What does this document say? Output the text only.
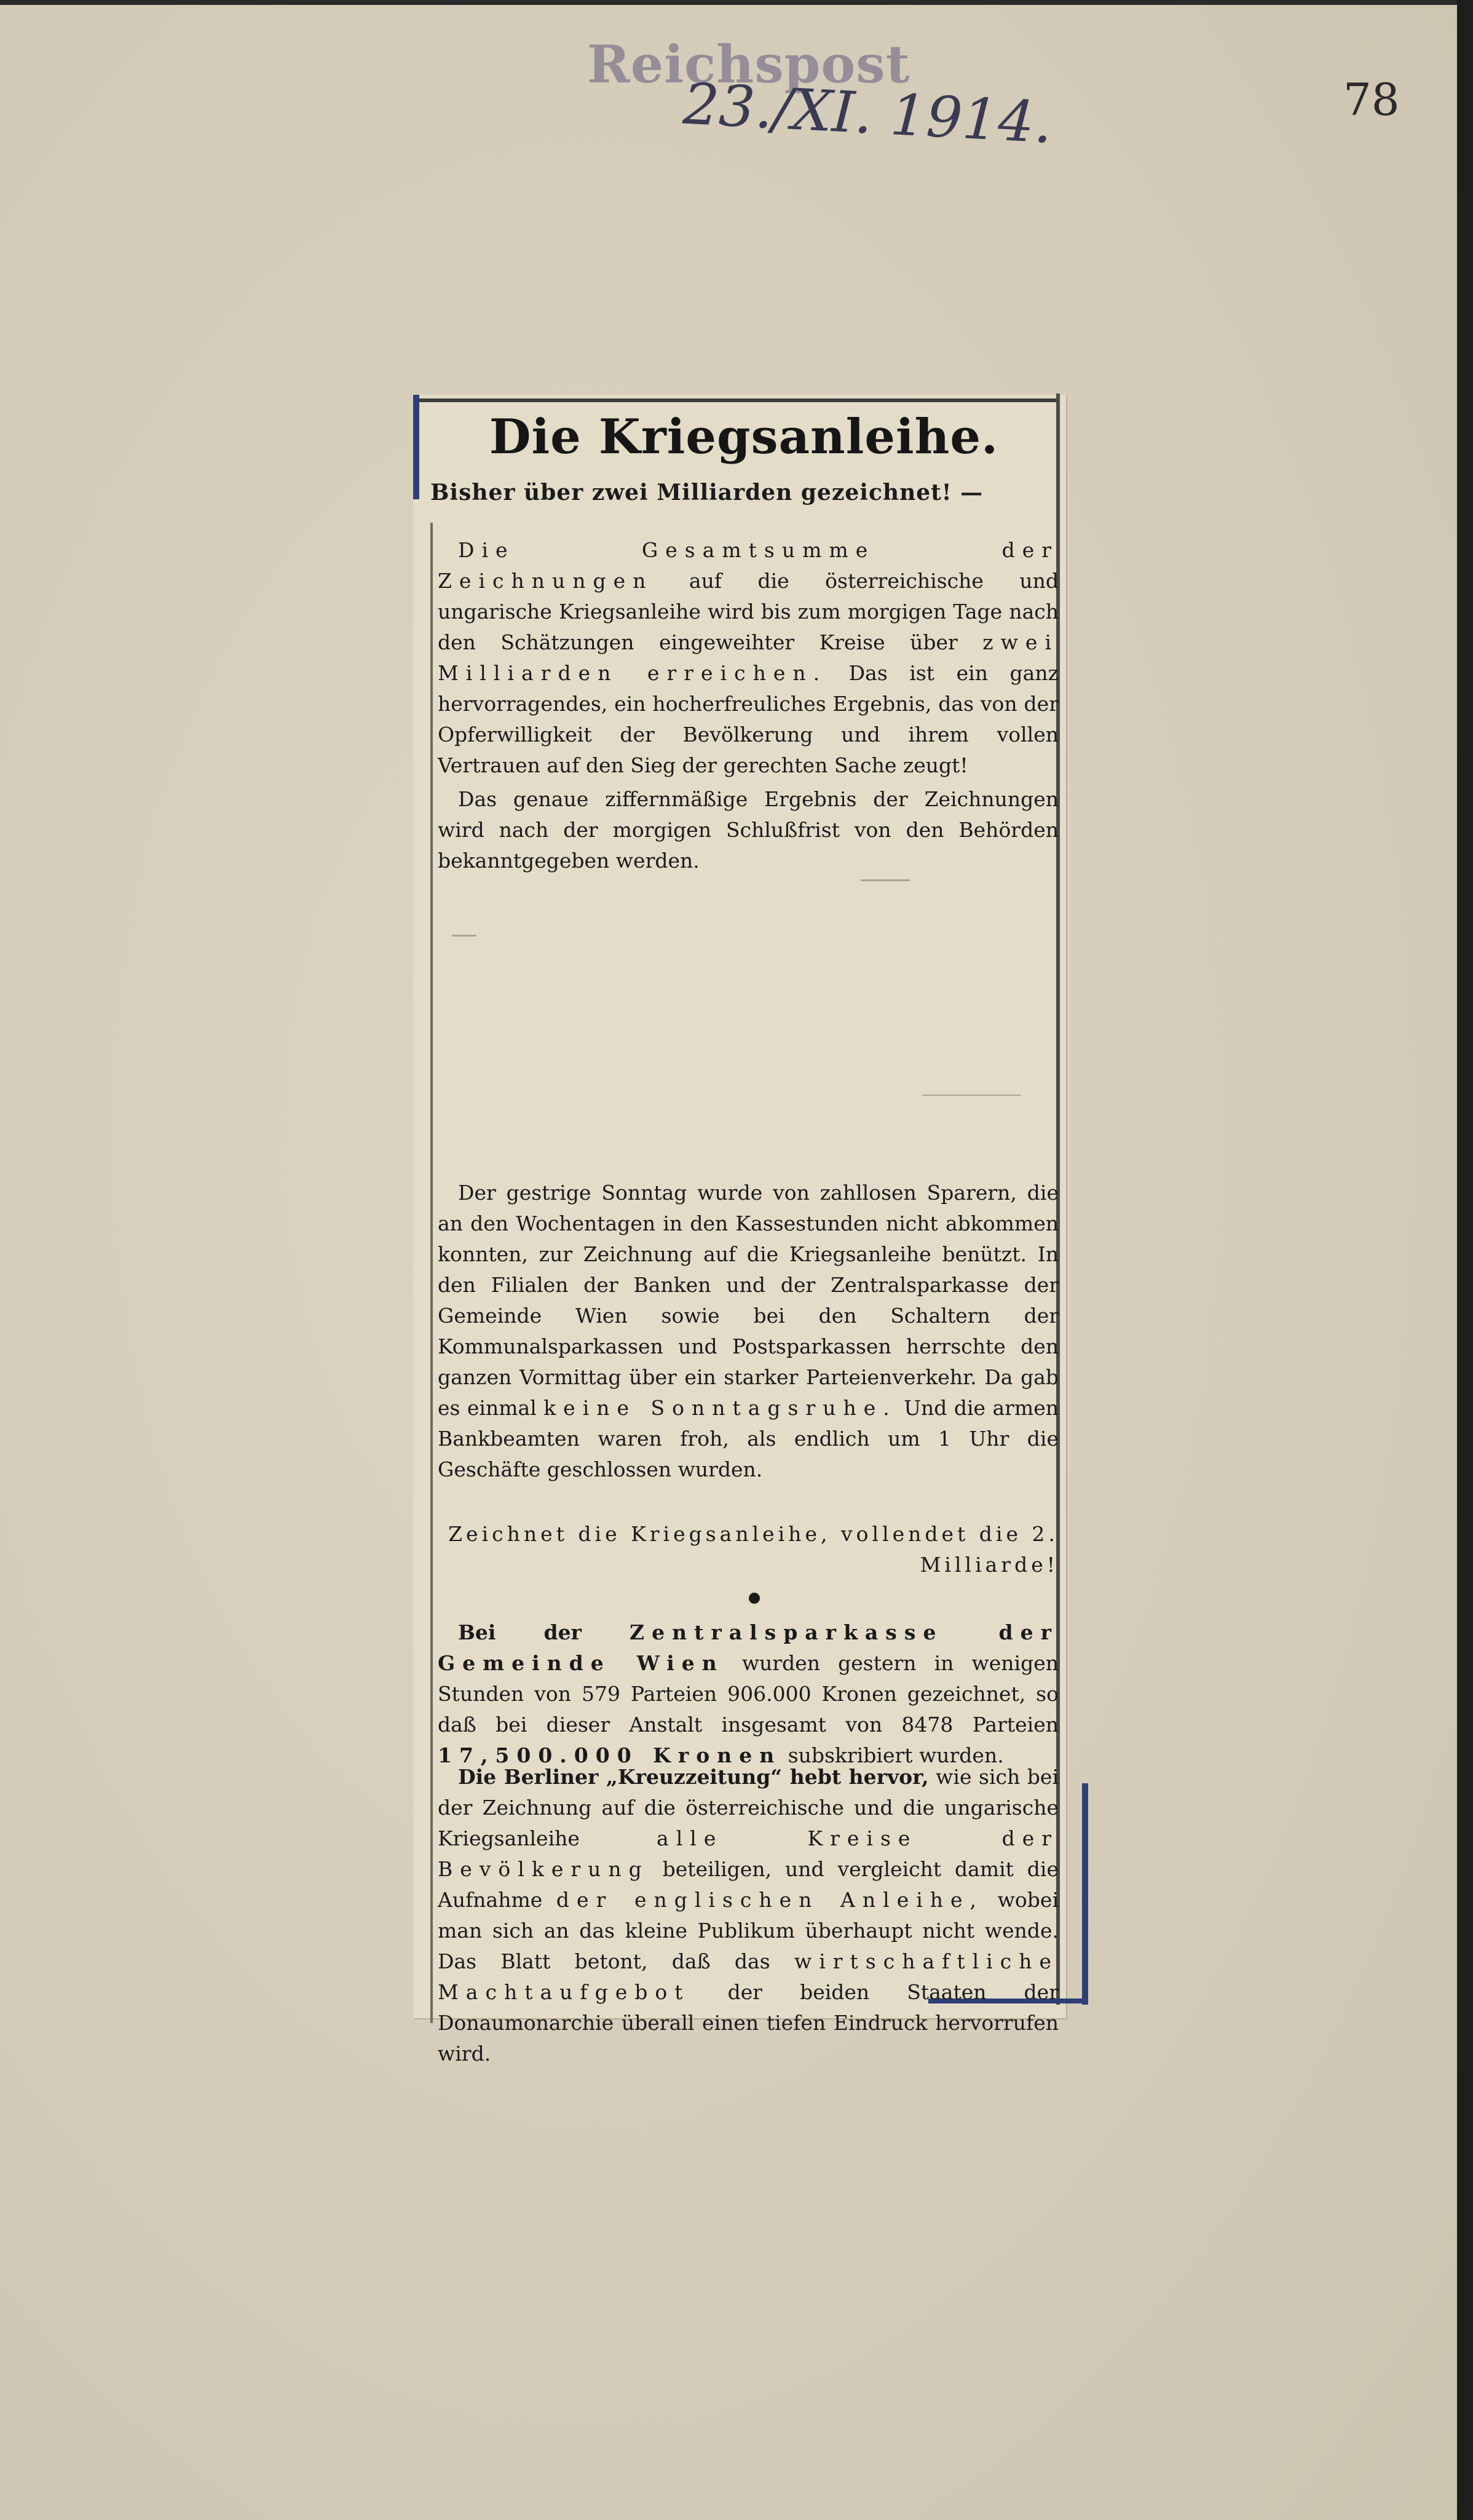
Reichspost
23./XI. 1914.	78
Die Kriegsanleihe.
Bisher über zwei Milliarden gezeichnet! —

 Die Gesamtsumme der Zeichnungen auf die österreichische und ungarische Kriegsanleihe wird bis zum morgigen Tage nach den Schätzungen eingeweihter Kreise über zwei Milliarden erreichen. Das ist ein ganz hervorragendes, ein hocherfreuliches Ergebnis, das von der Opferwilligkeit der Bevölkerung und ihrem vollen Vertrauen auf den Sieg der gerechten Sache zeugt!

 Das genaue ziffernmäßige Ergebnis der Zeichnungen wird nach der morgigen Schlußfrist von den Behörden bekanntgegeben werden.

 Der gestrige Sonntag wurde von zahllosen Sparern, die an den Wochentagen in den Kassestunden nicht abkommen konnten, zur Zeichnung auf die Kriegsanleihe benützt. In den Filialen der Banken und der Zentralsparkasse der Gemeinde Wien sowie bei den Schaltern der Kommunalsparkassen und Postsparkassen herrschte den ganzen Vormittag über ein starker Parteienverkehr. Da gab es einmal keine Sonntagsruhe. Und die armen Bankbeamten waren froh, als endlich um 1 Uhr die Geschäfte geschlossen wurden.

Zeichnet die Kriegsanleihe, vollendet die 2. Milliarde!

 Bei der Zentralsparkasse der Gemeinde Wien wurden gestern in wenigen Stunden von 579 Parteien 906.000 Kronen gezeichnet, so daß bei dieser Anstalt insgesamt von 8478 Parteien 17,500.000 Kronen subskribiert wurden.

 Die Berliner „Kreuzzeitung“ hebt hervor, wie sich bei der Zeichnung auf die österreichische und die ungarische Kriegsanleihe alle Kreise der Bevölkerung beteiligen, und vergleicht damit die Aufnahme der englischen Anleihe, wobei man sich an das kleine Publikum überhaupt nicht wende. Das Blatt betont, daß das wirtschaftliche Machtaufgebot der beiden Staaten der Donaumonarchie überall einen tiefen Eindruck hervorrufen wird.
